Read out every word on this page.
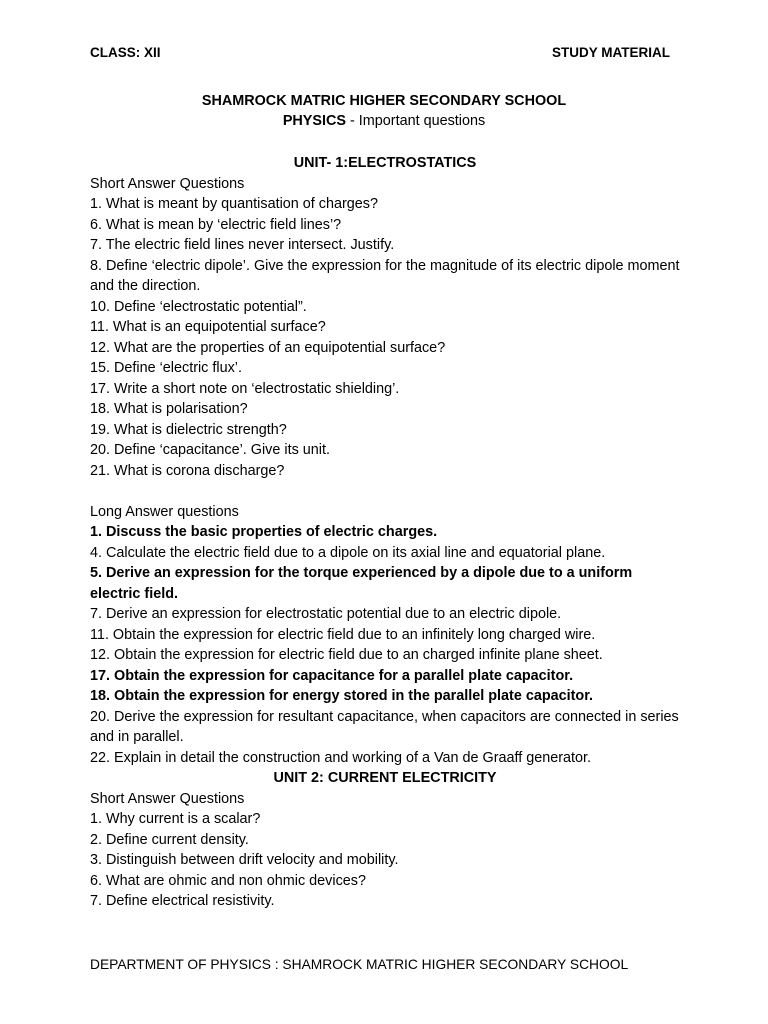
CLASS: XII	STUDY MATERIAL
SHAMROCK MATRIC HIGHER SECONDARY SCHOOL
PHYSICS - Important questions
UNIT- 1:ELECTROSTATICS
Short Answer Questions
1. What is meant by quantisation of charges?
6. What is mean by ‘electric field lines’?
7. The electric field lines never intersect. Justify.
8. Define ‘electric dipole’. Give the expression for the magnitude of its electric dipole moment and the direction.
10. Define ‘electrostatic potential”.
11. What is an equipotential surface?
12. What are the properties of an equipotential surface?
15. Define ‘electric flux’.
17. Write a short note on ‘electrostatic shielding’.
18. What is polarisation?
19. What is dielectric strength?
20. Define ‘capacitance’. Give its unit.
21. What is corona discharge?
Long Answer questions
1. Discuss the basic properties of electric charges.
4. Calculate the electric field due to a dipole on its axial line and equatorial plane.
5. Derive an expression for the torque experienced by a dipole due to a uniform electric field.
7. Derive an expression for electrostatic potential due to an electric dipole.
11. Obtain the expression for electric field due to an infinitely long charged wire.
12. Obtain the expression for electric field due to an charged infinite plane sheet.
17. Obtain the expression for capacitance for a parallel plate capacitor.
18. Obtain the expression for energy stored in the parallel plate capacitor.
20. Derive the expression for resultant capacitance, when capacitors are connected in series and in parallel.
22. Explain in detail the construction and working of a Van de Graaff generator.
UNIT 2: CURRENT ELECTRICITY
Short Answer Questions
1. Why current is a scalar?
2. Define current density.
3. Distinguish between drift velocity and mobility.
6. What are ohmic and non ohmic devices?
7. Define electrical resistivity.
DEPARTMENT OF PHYSICS : SHAMROCK MATRIC HIGHER SECONDARY SCHOOL
